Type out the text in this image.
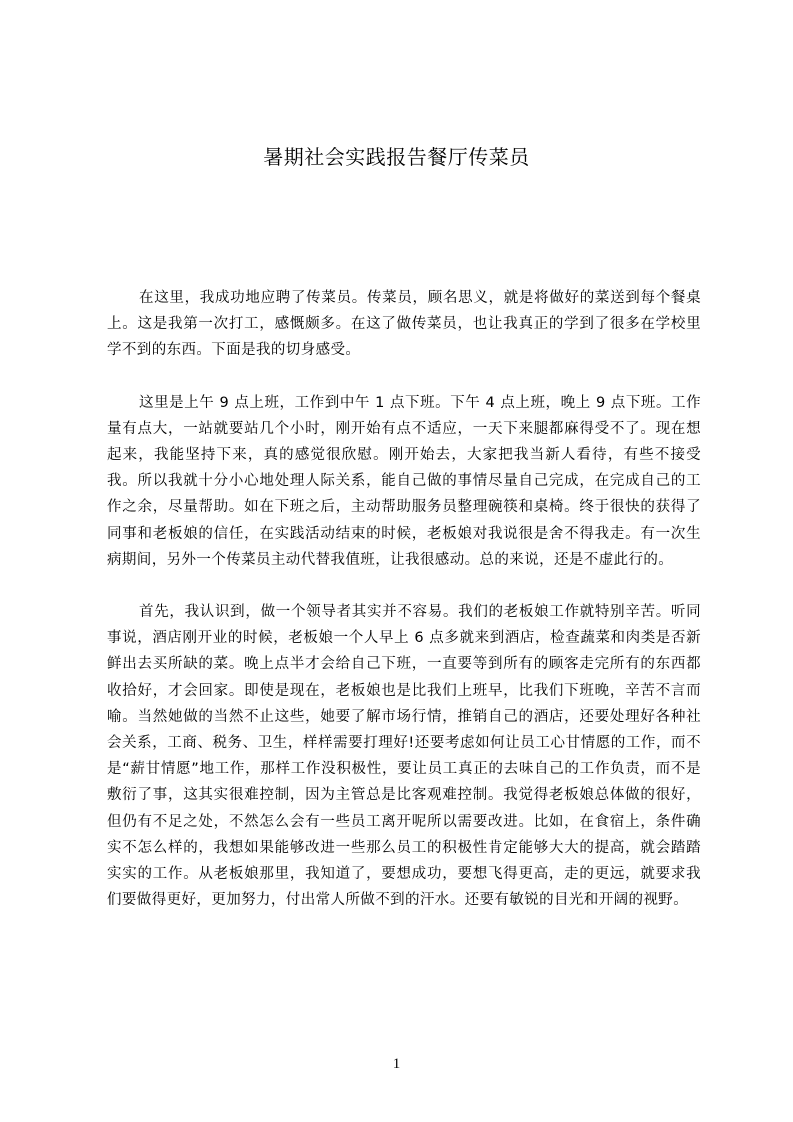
暑期社会实践报告餐厅传菜员

在这里，我成功地应聘了传菜员。传菜员，顾名思义，就是将做好的菜送到每个餐桌上。这是我第一次打工，感慨颇多。在这了做传菜员，也让我真正的学到了很多在学校里学不到的东西。下面是我的切身感受。

这里是上午 9 点上班，工作到中午 1 点下班。下午 4 点上班，晚上 9 点下班。工作量有点大，一站就要站几个小时，刚开始有点不适应，一天下来腿都麻得受不了。现在想起来，我能坚持下来，真的感觉很欣慰。刚开始去，大家把我当新人看待，有些不接受我。所以我就十分小心地处理人际关系，能自己做的事情尽量自己完成，在完成自己的工作之余，尽量帮助。如在下班之后，主动帮助服务员整理碗筷和桌椅。终于很快的获得了同事和老板娘的信任，在实践活动结束的时候，老板娘对我说很是舍不得我走。有一次生病期间，另外一个传菜员主动代替我值班，让我很感动。总的来说，还是不虚此行的。

首先，我认识到，做一个领导者其实并不容易。我们的老板娘工作就特别辛苦。听同事说，酒店刚开业的时候，老板娘一个人早上 6 点多就来到酒店，检查蔬菜和肉类是否新鲜出去买所缺的菜。晚上点半才会给自己下班，一直要等到所有的顾客走完所有的东西都收拾好，才会回家。即使是现在，老板娘也是比我们上班早，比我们下班晚，辛苦不言而喻。当然她做的当然不止这些，她要了解市场行情，推销自己的酒店，还要处理好各种社会关系，工商、税务、卫生，样样需要打理好!还要考虑如何让员工心甘情愿的工作，而不是“薪甘情愿”地工作，那样工作没积极性，要让员工真正的去味自己的工作负责，而不是敷衍了事，这其实很难控制，因为主管总是比客观难控制。我觉得老板娘总体做的很好，但仍有不足之处，不然怎么会有一些员工离开呢所以需要改进。比如，在食宿上，条件确实不怎么样的，我想如果能够改进一些那么员工的积极性肯定能够大大的提高，就会踏踏实实的工作。从老板娘那里，我知道了，要想成功，要想飞得更高，走的更远，就要求我们要做得更好，更加努力，付出常人所做不到的汗水。还要有敏锐的目光和开阔的视野。

1
